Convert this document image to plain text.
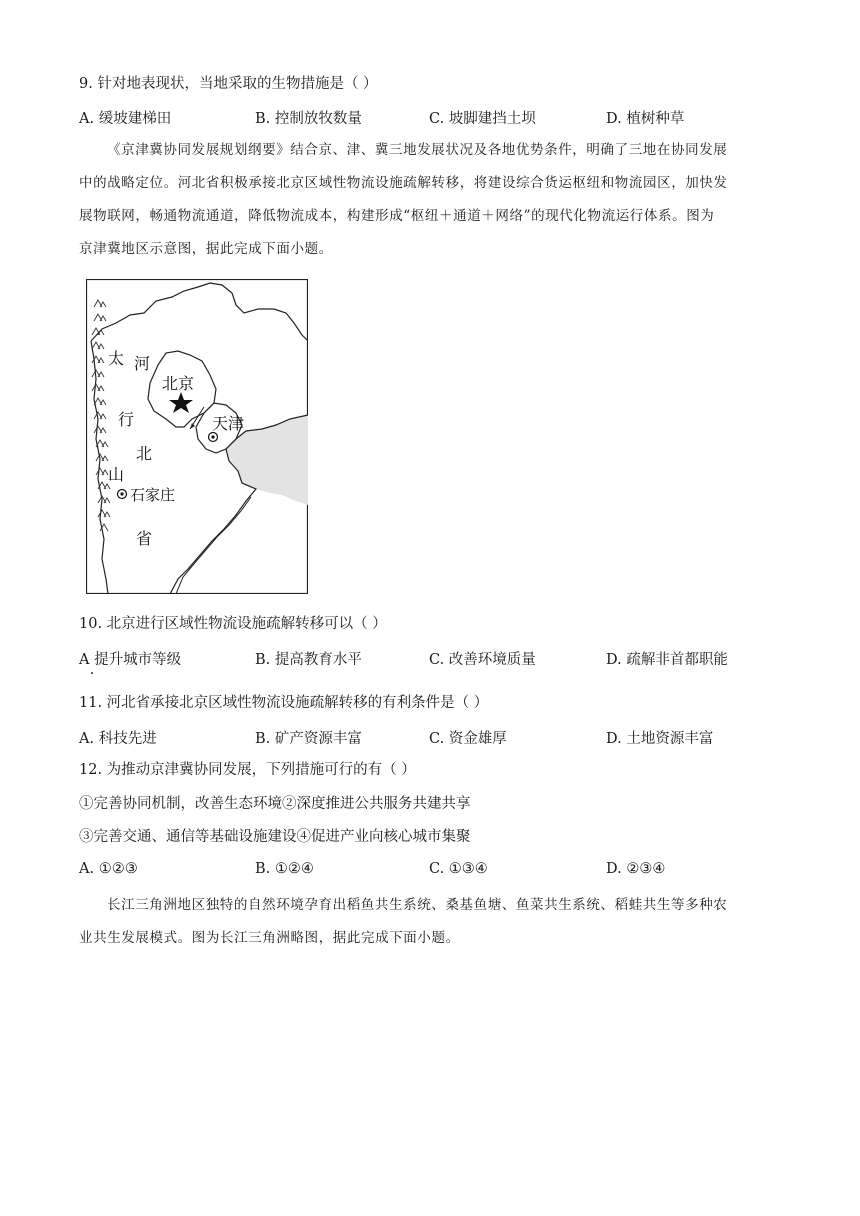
9. 针对地表现状，当地采取的生物措施是（ ）
A. 缓坡建梯田	B. 控制放牧数量	C. 坡脚建挡土坝	D. 植树种草
《京津冀协同发展规划纲要》结合京、津、冀三地发展状况及各地优势条件，明确了三地在协同发展
中的战略定位。河北省积极承接北京区域性物流设施疏解转移，将建设综合货运枢纽和物流园区，加快发
展物联网，畅通物流通道，降低物流成本，构建形成“枢纽＋通道＋网络”的现代化物流运行体系。图为
京津冀地区示意图，据此完成下面小题。
北京
天津
石家庄
河
北
省
太
行
山
10. 北京进行区域性物流设施疏解转移可以（ ）
A 提升城市等级	B. 提高教育水平	C. 改善环境质量	D. 疏解非首都职能
11. 河北省承接北京区域性物流设施疏解转移的有利条件是（ ）
A. 科技先进	B. 矿产资源丰富	C. 资金雄厚	D. 土地资源丰富
12. 为推动京津冀协同发展，下列措施可行的有（ ）
①完善协同机制，改善生态环境②深度推进公共服务共建共享
③完善交通、通信等基础设施建设④促进产业向核心城市集聚
A. ①②③	B. ①②④	C. ①③④	D. ②③④
长江三角洲地区独特的自然环境孕育出稻鱼共生系统、桑基鱼塘、鱼菜共生系统、稻蛙共生等多种农
业共生发展模式。图为长江三角洲略图，据此完成下面小题。
